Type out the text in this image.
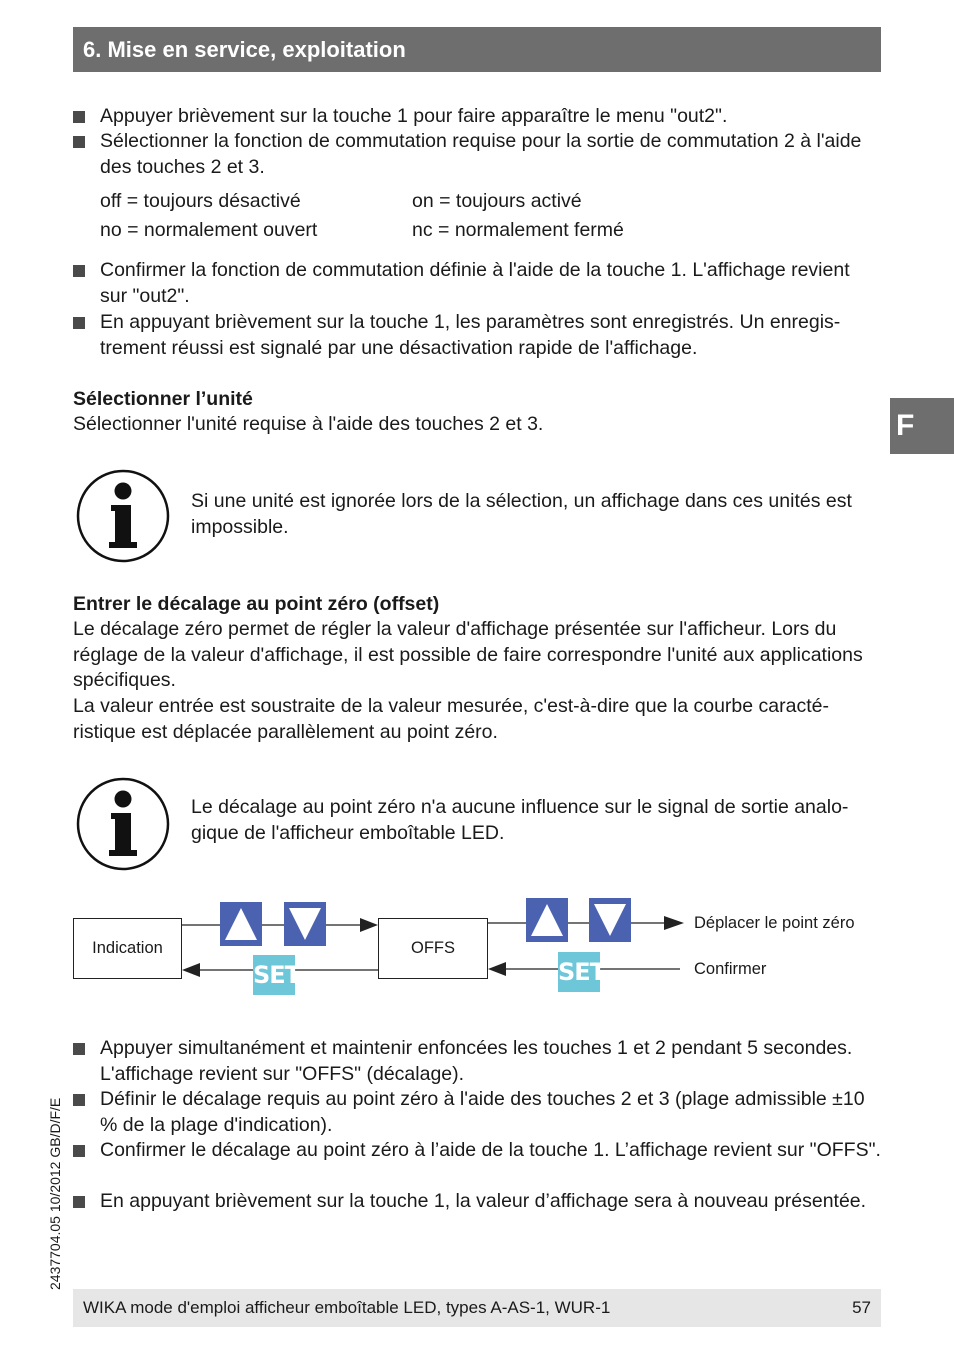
6. Mise en service, exploitation
F
Appuyer brièvement sur la touche 1 pour faire apparaître le menu "out2".
Sélectionner la fonction de commutation requise pour la sortie de commutation 2 à l'aide des touches 2 et 3.
off = toujours désactivé	on = toujours activé
no = normalement ouvert	nc = normalement fermé
Confirmer la fonction de commutation définie à l'aide de la touche 1. L'affichage revient sur "out2".
En appuyant brièvement sur la touche 1, les paramètres sont enregistrés. Un enregis-trement réussi est signalé par une désactivation rapide de l'affichage.
Sélectionner l’unité
Sélectionner l'unité requise à l'aide des touches 2 et 3.
Si une unité est ignorée lors de la sélection, un affichage dans ces unités est impossible.
Entrer le décalage au point zéro (offset)
Le décalage zéro permet de régler la valeur d'affichage présentée sur l'afficheur. Lors du réglage de la valeur d'affichage, il est possible de faire correspondre l'unité aux applications spécifiques.
La valeur entrée est soustraite de la valeur mesurée, c'est-à-dire que la courbe caracté-ristique est déplacée parallèlement au point zéro.
Le décalage au point zéro n'a aucune influence sur le signal de sortie analo-gique de l'afficheur emboîtable LED.
Indication	OFFS
SET	SET
Déplacer le point zéro
Confirmer
Appuyer simultanément et maintenir enfoncées les touches 1 et 2 pendant 5 secondes. L'affichage revient sur "OFFS" (décalage).
Définir le décalage requis au point zéro à l'aide des touches 2 et 3 (plage admissible ±10 % de la plage d'indication).
Confirmer le décalage au point zéro à l’aide de la touche 1. L’affichage revient sur "OFFS".
En appuyant brièvement sur la touche 1, la valeur d’affichage sera à nouveau présentée.
2437704.05 10/2012 GB/D/F/E
WIKA mode d'emploi afficheur emboîtable LED, types A-AS-1, WUR-1	57
